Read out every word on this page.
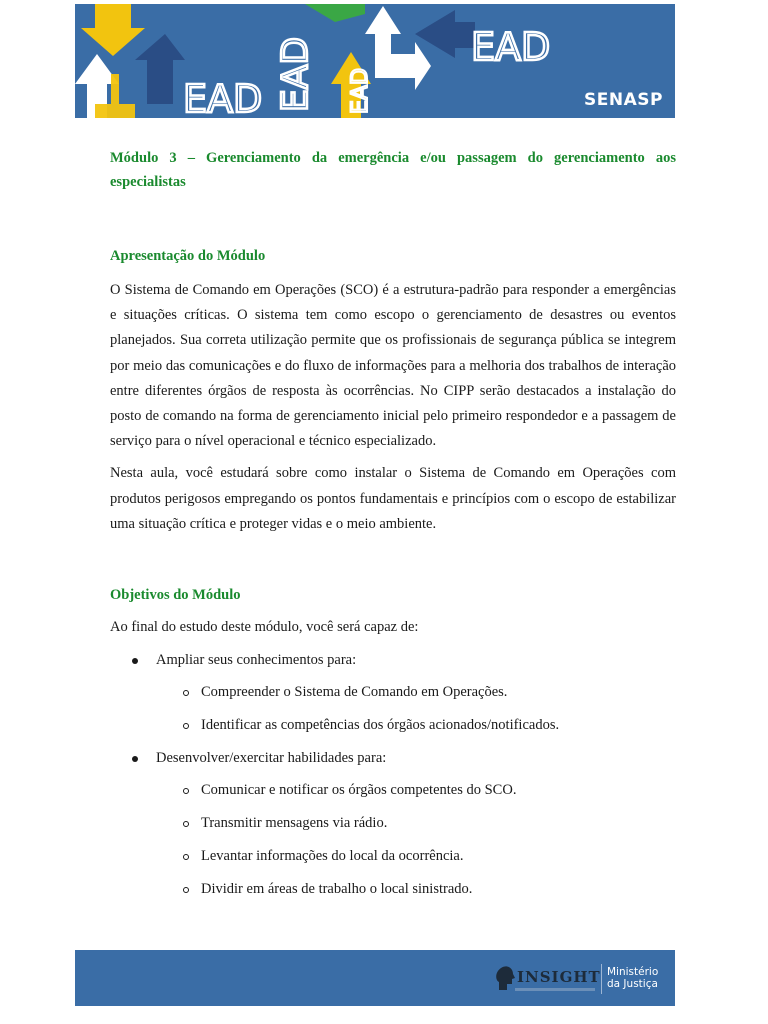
EAD EAD	EAD
EAD	SENASP

Módulo 3 – Gerenciamento da emergência e/ou passagem do gerenciamento aos especialistas

Apresentação do Módulo

O Sistema de Comando em Operações (SCO) é a estrutura-padrão para responder a emergências e situações críticas. O sistema tem como escopo o gerenciamento de desastres ou eventos planejados. Sua correta utilização permite que os profissionais de segurança pública se integrem por meio das comunicações e do fluxo de informações para a melhoria dos trabalhos de interação entre diferentes órgãos de resposta às ocorrências. No CIPP serão destacados a instalação do posto de comando na forma de gerenciamento inicial pelo primeiro respondedor e a passagem de serviço para o nível operacional e técnico especializado.

Nesta aula, você estudará sobre como instalar o Sistema de Comando em Operações com produtos perigosos empregando os pontos fundamentais e princípios com o escopo de estabilizar uma situação crítica e proteger vidas e o meio ambiente.

Objetivos do Módulo

Ao final do estudo deste módulo, você será capaz de:

Ampliar seus conhecimentos para:
Compreender o Sistema de Comando em Operações.
Identificar as competências dos órgãos acionados/notificados.
Desenvolver/exercitar habilidades para:
Comunicar e notificar os órgãos competentes do SCO.
Transmitir mensagens via rádio.
Levantar informações do local da ocorrência.
Dividir em áreas de trabalho o local sinistrado.
INSIGHT Ministério
da Justiça
